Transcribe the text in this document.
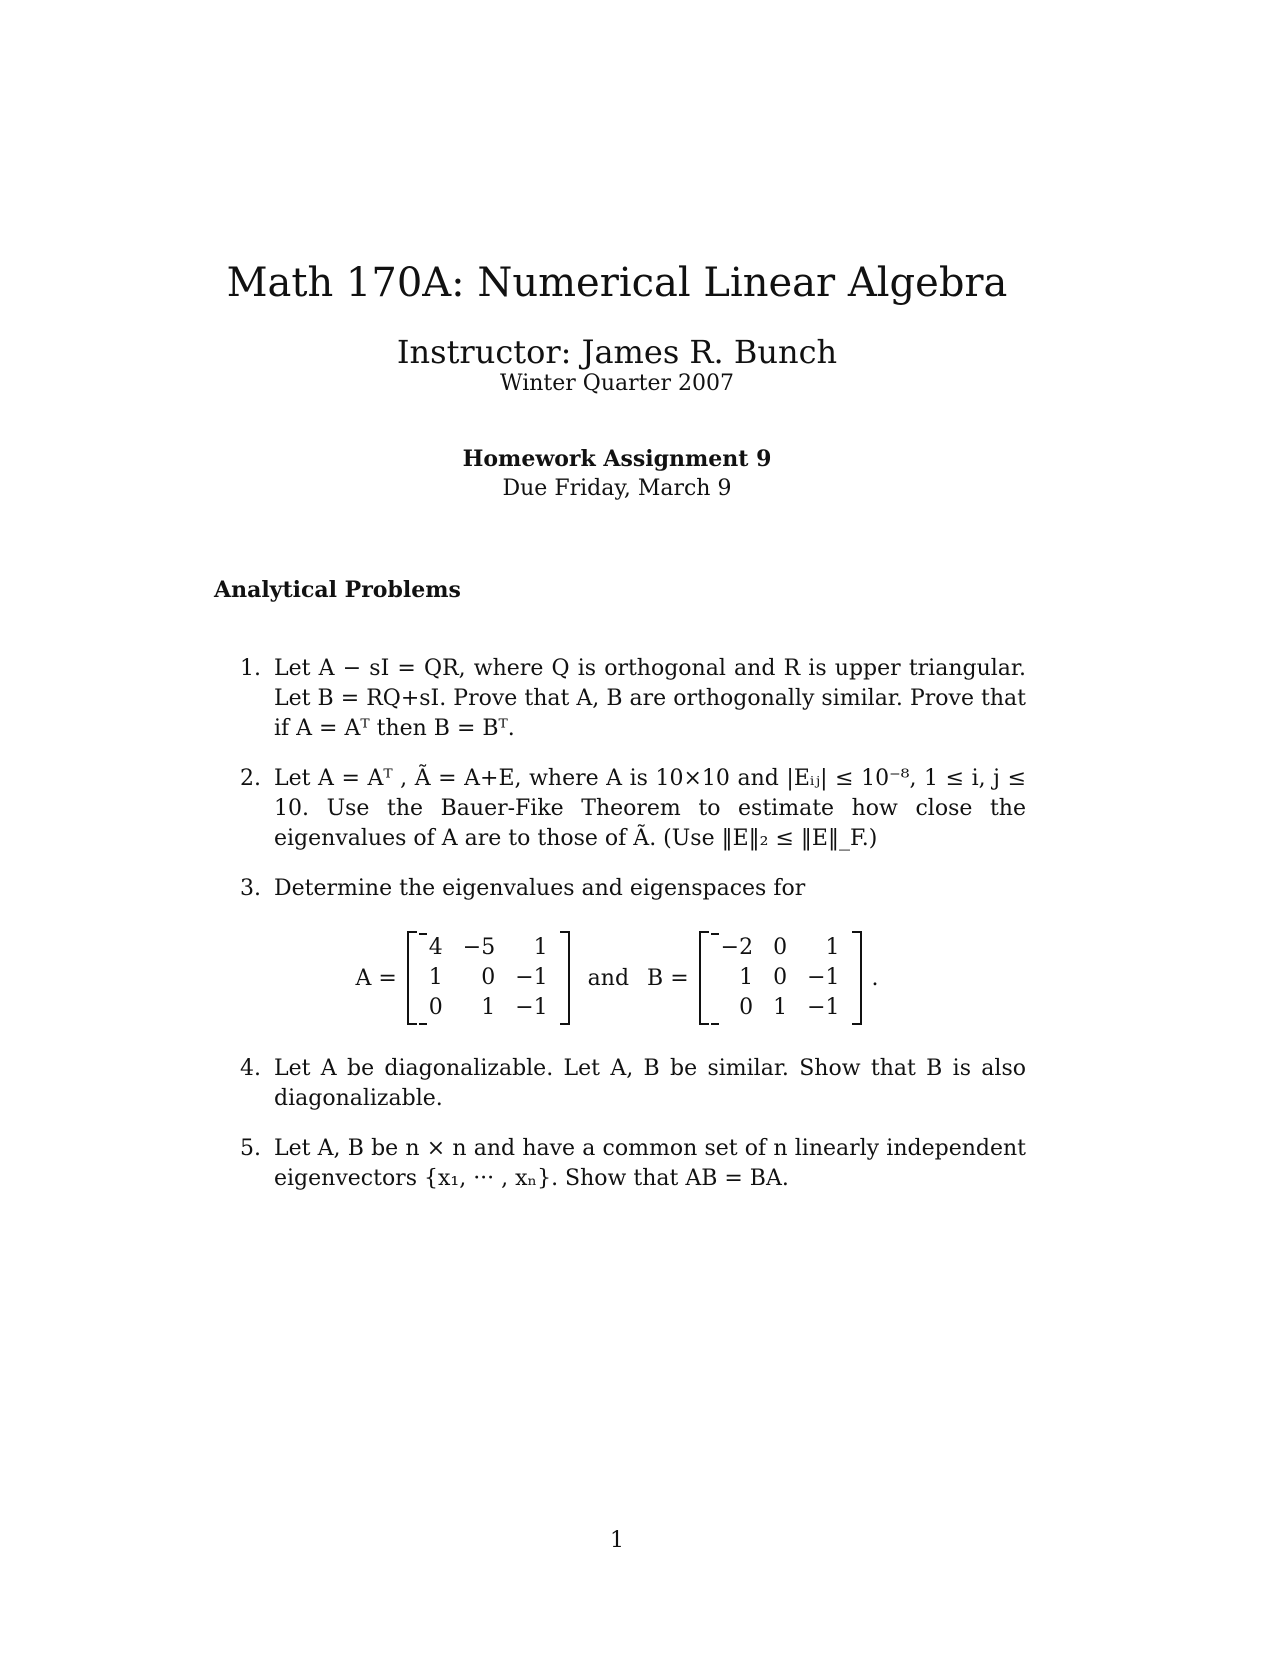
Math 170A: Numerical Linear Algebra
Instructor: James R. Bunch
Winter Quarter 2007
Homework Assignment 9
Due Friday, March 9
Analytical Problems
1. Let A − sI = QR, where Q is orthogonal and R is upper triangular. Let B = RQ+sI. Prove that A, B are orthogonally similar. Prove that if A = Aᵀ then B = Bᵀ.
2. Let A = Aᵀ , Ã = A+E, where A is 10×10 and |Eᵢⱼ| ≤ 10⁻⁸, 1 ≤ i, j ≤ 10. Use the Bauer-Fike Theorem to estimate how close the eigenvalues of A are to those of Ã. (Use ‖E‖₂ ≤ ‖E‖_F.)
3. Determine the eigenvalues and eigenspaces for
4. Let A be diagonalizable. Let A, B be similar. Show that B is also diagonalizable.
5. Let A, B be n × n and have a common set of n linearly independent eigenvectors {x₁, ··· , xₙ}. Show that AB = BA.
A =
4	−5	1
1	0	−1
0	1	−1
and B =
−2	0	1
1	0	−1
0	1	−1
.
1
